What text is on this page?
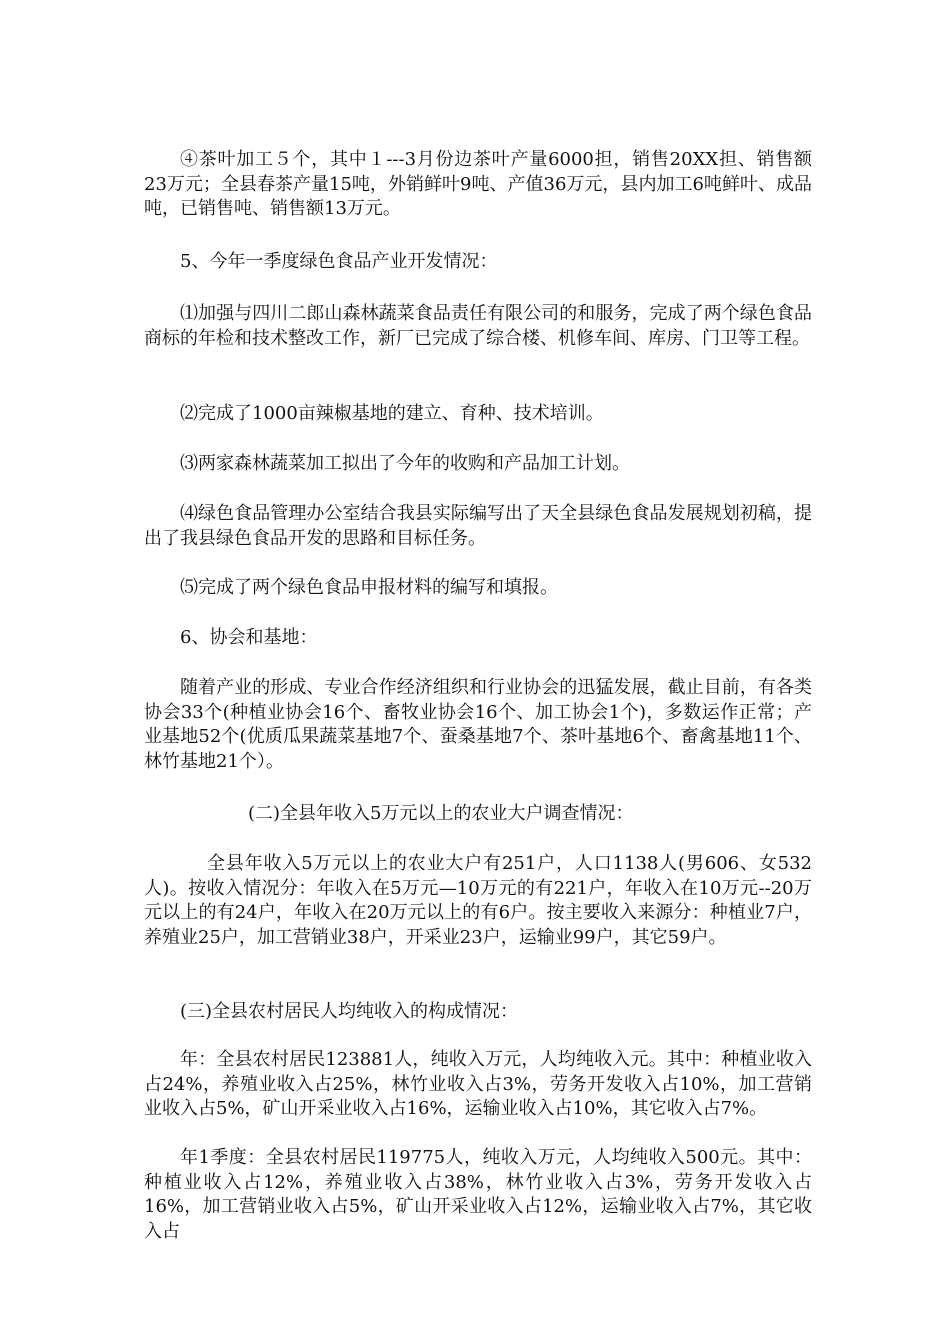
④茶叶加工５个，其中１---3月份边茶叶产量6000担，销售20XX担、销售额23万元；全县春茶产量15吨，外销鲜叶9吨、产值36万元，县内加工6吨鲜叶、成品吨，已销售吨、销售额13万元。

5、今年一季度绿色食品产业开发情况：

⑴加强与四川二郎山森林蔬菜食品责任有限公司的和服务，完成了两个绿色食品商标的年检和技术整改工作，新厂已完成了综合楼、机修车间、库房、门卫等工程。

⑵完成了1000亩辣椒基地的建立、育种、技术培训。

⑶两家森林蔬菜加工拟出了今年的收购和产品加工计划。

⑷绿色食品管理办公室结合我县实际编写出了天全县绿色食品发展规划初稿，提出了我县绿色食品开发的思路和目标任务。

⑸完成了两个绿色食品申报材料的编写和填报。

6、协会和基地：

随着产业的形成、专业合作经济组织和行业协会的迅猛发展，截止目前，有各类协会33个(种植业协会16个、畜牧业协会16个、加工协会1个)，多数运作正常；产业基地52个(优质瓜果蔬菜基地7个、蚕桑基地7个、茶叶基地6个、畜禽基地11个、林竹基地21个）。

(二)全县年收入5万元以上的农业大户调查情况：

全县年收入5万元以上的农业大户有251户，人口1138人(男606、女532人)。按收入情况分：年收入在5万元—10万元的有221户，年收入在10万元--20万元以上的有24户，年收入在20万元以上的有6户。按主要收入来源分：种植业7户，养殖业25户，加工营销业38户，开采业23户，运输业99户，其它59户。

(三)全县农村居民人均纯收入的构成情况：

年：全县农村居民123881人，纯收入万元，人均纯收入元。其中：种植业收入占24%，养殖业收入占25%，林竹业收入占3%，劳务开发收入占10%，加工营销业收入占5%，矿山开采业收入占16%，运输业收入占10%，其它收入占7%。

年1季度：全县农村居民119775人，纯收入万元，人均纯收入500元。其中：种植业收入占12%，养殖业收入占38%，林竹业收入占3%，劳务开发收入占16%，加工营销业收入占5%，矿山开采业收入占12%，运输业收入占7%，其它收入占
